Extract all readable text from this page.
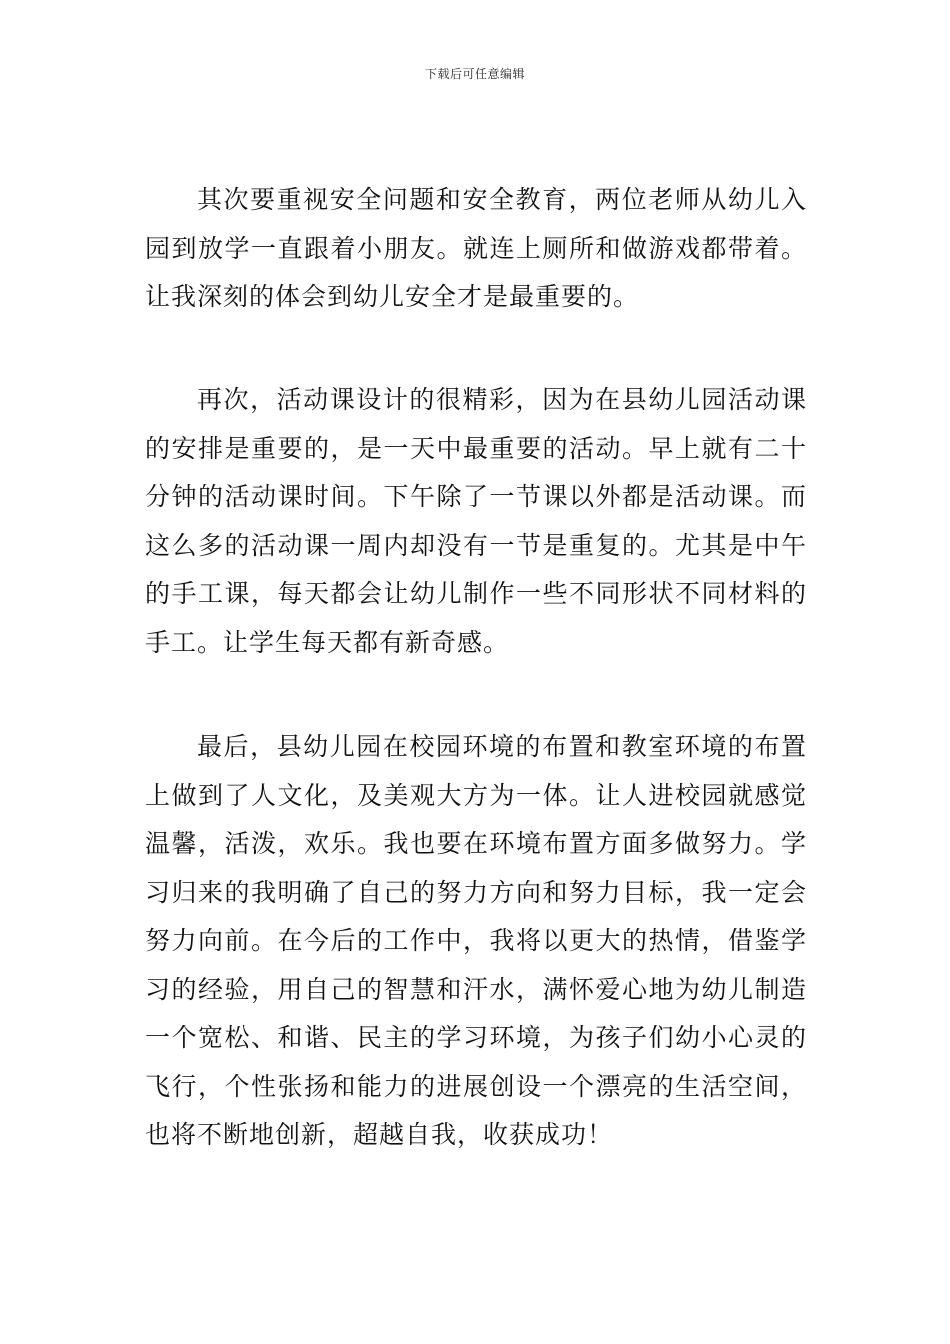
下载后可任意编辑

其次要重视安全问题和安全教育，两位老师从幼儿入园到放学一直跟着小朋友。就连上厕所和做游戏都带着。让我深刻的体会到幼儿安全才是最重要的。

再次，活动课设计的很精彩，因为在县幼儿园活动课的安排是重要的，是一天中最重要的活动。早上就有二十分钟的活动课时间。下午除了一节课以外都是活动课。而这么多的活动课一周内却没有一节是重复的。尤其是中午的手工课，每天都会让幼儿制作一些不同形状不同材料的手工。让学生每天都有新奇感。

最后，县幼儿园在校园环境的布置和教室环境的布置上做到了人文化，及美观大方为一体。让人进校园就感觉温馨，活泼，欢乐。我也要在环境布置方面多做努力。学习归来的我明确了自己的努力方向和努力目标，我一定会努力向前。在今后的工作中，我将以更大的热情，借鉴学习的经验，用自己的智慧和汗水，满怀爱心地为幼儿制造一个宽松、和谐、民主的学习环境，为孩子们幼小心灵的飞行，个性张扬和能力的进展创设一个漂亮的生活空间，也将不断地创新，超越自我，收获成功！
